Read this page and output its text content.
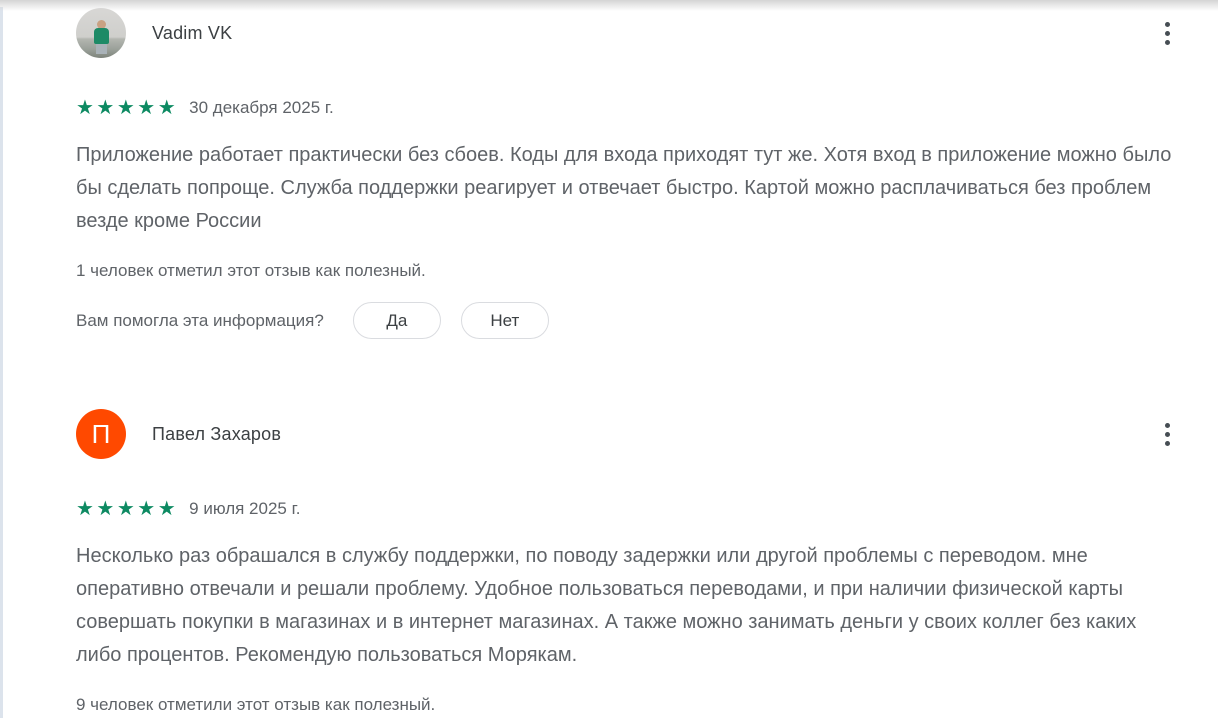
Vadim VK
★★★★★ 30 декабря 2025 г.

Приложение работает практически без сбоев. Коды для входа приходят тут же. Хотя вход в приложение можно было бы сделать попроще. Служба поддержки реагирует и отвечает быстро. Картой можно расплачиваться без проблем везде кроме России

1 человек отметил этот отзыв как полезный.

Вам помогла эта информация?	Да	Нет
П	Павел Захаров
★★★★★ 9 июля 2025 г.

Несколько раз обрашался в службу поддержки, по поводу задержки или другой проблемы с переводом. мне оперативно отвечали и решали проблему. Удобное пользоваться переводами, и при наличии физической карты совершать покупки в магазинах и в интернет магазинах. А также можно занимать деньги у своих коллег без каких либо процентов. Рекомендую пользоваться Морякам.

9 человек отметили этот отзыв как полезный.
